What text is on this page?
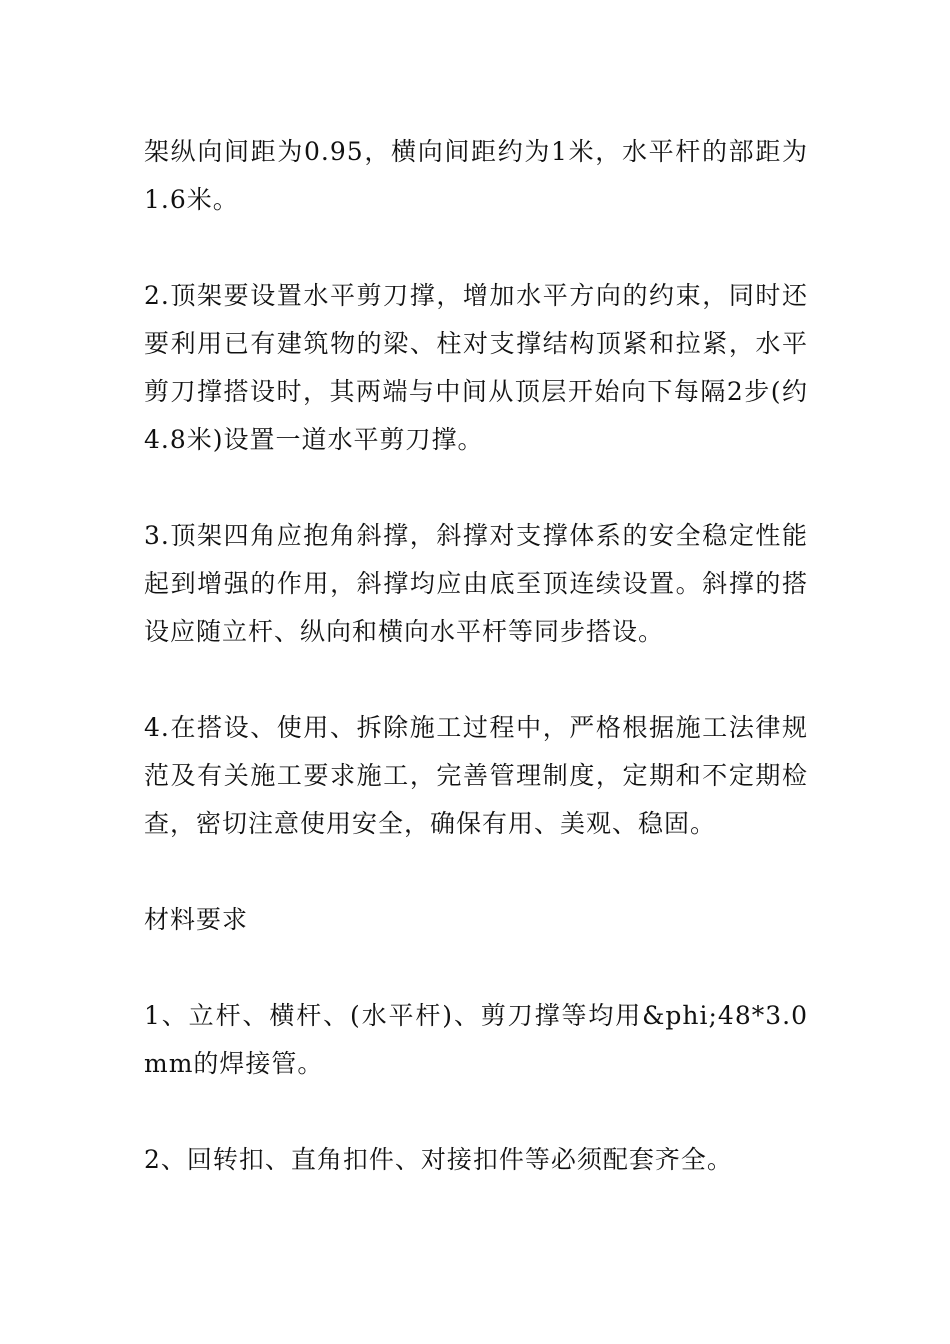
架纵向间距为0.95，横向间距约为1米，水平杆的部距为1.6米。

2.顶架要设置水平剪刀撑，增加水平方向的约束，同时还要利用已有建筑物的梁、柱对支撑结构顶紧和拉紧，水平剪刀撑搭设时，其两端与中间从顶层开始向下每隔2步(约4.8米)设置一道水平剪刀撑。

3.顶架四角应抱角斜撑，斜撑对支撑体系的安全稳定性能起到增强的作用，斜撑均应由底至顶连续设置。斜撑的搭设应随立杆、纵向和横向水平杆等同步搭设。

4.在搭设、使用、拆除施工过程中，严格根据施工法律规范及有关施工要求施工，完善管理制度，定期和不定期检查，密切注意使用安全，确保有用、美观、稳固。

材料要求

1、立杆、横杆、(水平杆)、剪刀撑等均用&phi;48*3.0mm的焊接管。

2、回转扣、直角扣件、对接扣件等必须配套齐全。
